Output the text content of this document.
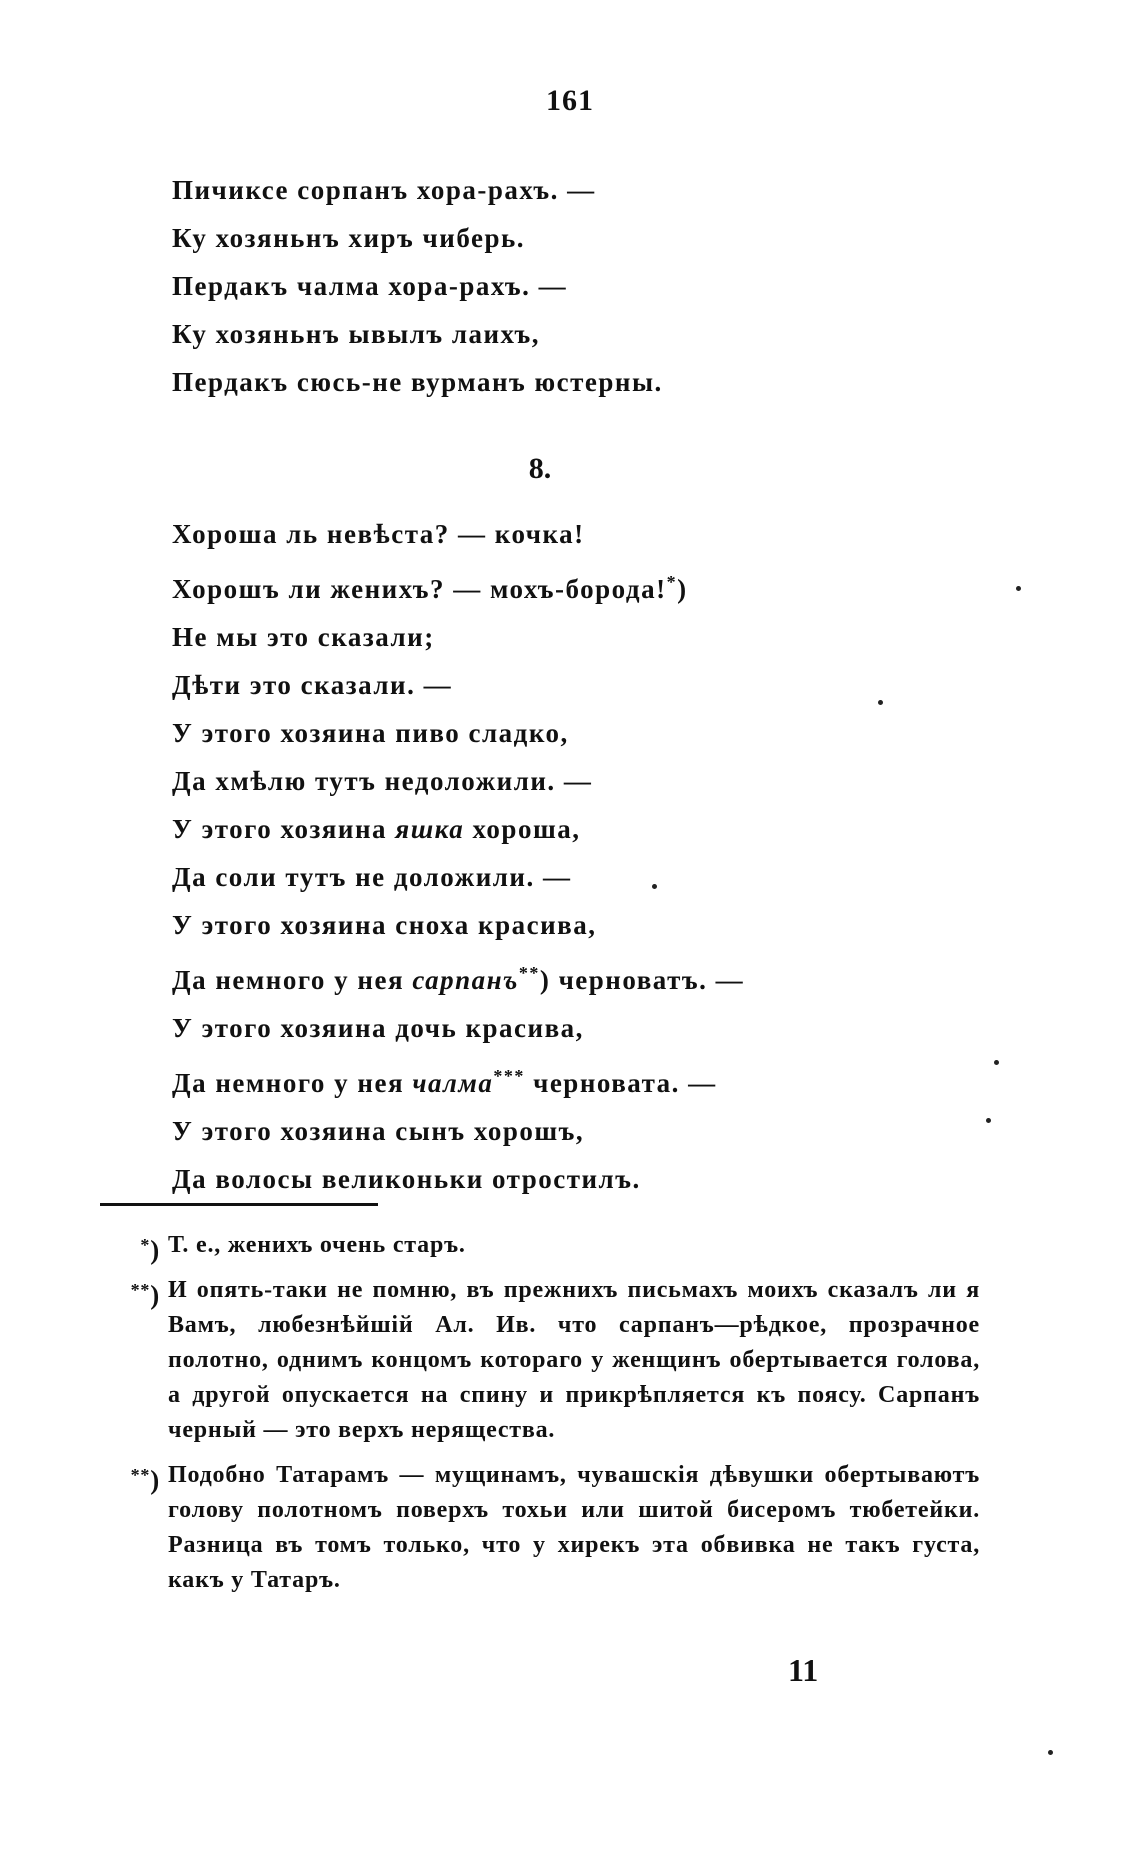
161
Пичиксе сорпанъ хора-рахъ. —
Ку хозяньнъ хиръ чиберь.
Пердакъ чалма хора-рахъ. —
Ку хозяньнъ ывылъ лаихъ,
Пердакъ сюсь-не вурманъ юстерны.
8.
Хороша ль невѣста? — кочка!
Хорошъ ли женихъ? — мохъ-борода!*)
Не мы это сказали;
Дѣти это сказали. —
У этого хозяина пиво сладко,
Да хмѣлю тутъ недоложили. —
У этого хозяина яшка хороша,
Да соли тутъ не доложили. —
У этого хозяина сноха красива,
Да немного у нея сарпанъ**) черноватъ. —
У этого хозяина дочь красива,
Да немного у нея чалма*** черновата. —
У этого хозяина сынъ хорошъ,
Да волосы великоньки отростилъ.
*) Т. е., женихъ очень старъ.
**) И опять-таки не помню, въ прежнихъ письмахъ моихъ сказалъ ли я Вамъ, любезнѣйшiй Ал. Ив. что сарпанъ—рѣдкое, прозрачное полотно, однимъ концомъ котораго у женщинъ обертывается голова, а другой опускается на спину и прикрѣпляется къ поясу. Сарпанъ черный — это верхъ нерящества.
**) Подобно Татарамъ — мущинамъ, чувашскiя дѣвушки обертываютъ голову полотномъ поверхъ тохьи или шитой бисеромъ тюбетейки. Разница въ томъ только, что у хирекъ эта обвивка не такъ густа, какъ у Татаръ.
11
